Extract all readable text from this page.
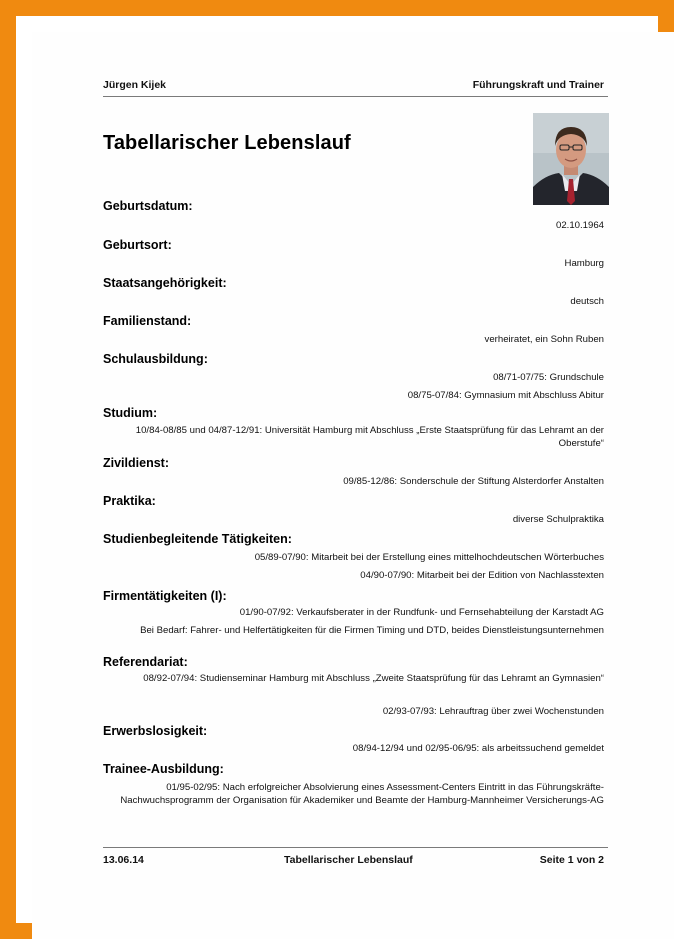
Jürgen Kijek	Führungskraft und Trainer
Tabellarischer Lebenslauf
Geburtsdatum:
02.10.1964
Geburtsort:
Hamburg
Staatsangehörigkeit:
deutsch
Familienstand:
verheiratet, ein Sohn Ruben
Schulausbildung:
08/71-07/75: Grundschule
08/75-07/84: Gymnasium mit Abschluss Abitur
Studium:
10/84-08/85 und 04/87-12/91: Universität Hamburg mit Abschluss „Erste Staatsprüfung für das Lehramt an der Oberstufe“
Zivildienst:
09/85-12/86: Sonderschule der Stiftung Alsterdorfer Anstalten
Praktika:
diverse Schulpraktika
Studienbegleitende Tätigkeiten:
05/89-07/90: Mitarbeit bei der Erstellung eines mittelhochdeutschen Wörterbuches
04/90-07/90: Mitarbeit bei der Edition von Nachlasstexten
Firmentätigkeiten (I):
01/90-07/92: Verkaufsberater in der Rundfunk- und Fernsehabteilung der Karstadt AG
Bei Bedarf: Fahrer- und Helfertätigkeiten für die Firmen Timing und DTD, beides Dienstleistungsunternehmen
Referendariat:
08/92-07/94: Studienseminar Hamburg mit Abschluss „Zweite Staatsprüfung für das Lehramt an Gymnasien“
02/93-07/93: Lehrauftrag über zwei Wochenstunden
Erwerbslosigkeit:
08/94-12/94 und 02/95-06/95: als arbeitssuchend gemeldet
Trainee-Ausbildung:
01/95-02/95: Nach erfolgreicher Absolvierung eines Assessment-Centers Eintritt in das Führungskräfte-Nachwuchsprogramm der Organisation für Akademiker und Beamte der Hamburg-Mannheimer Versicherungs-AG
13.06.14	Tabellarischer Lebenslauf	Seite 1 von 2
